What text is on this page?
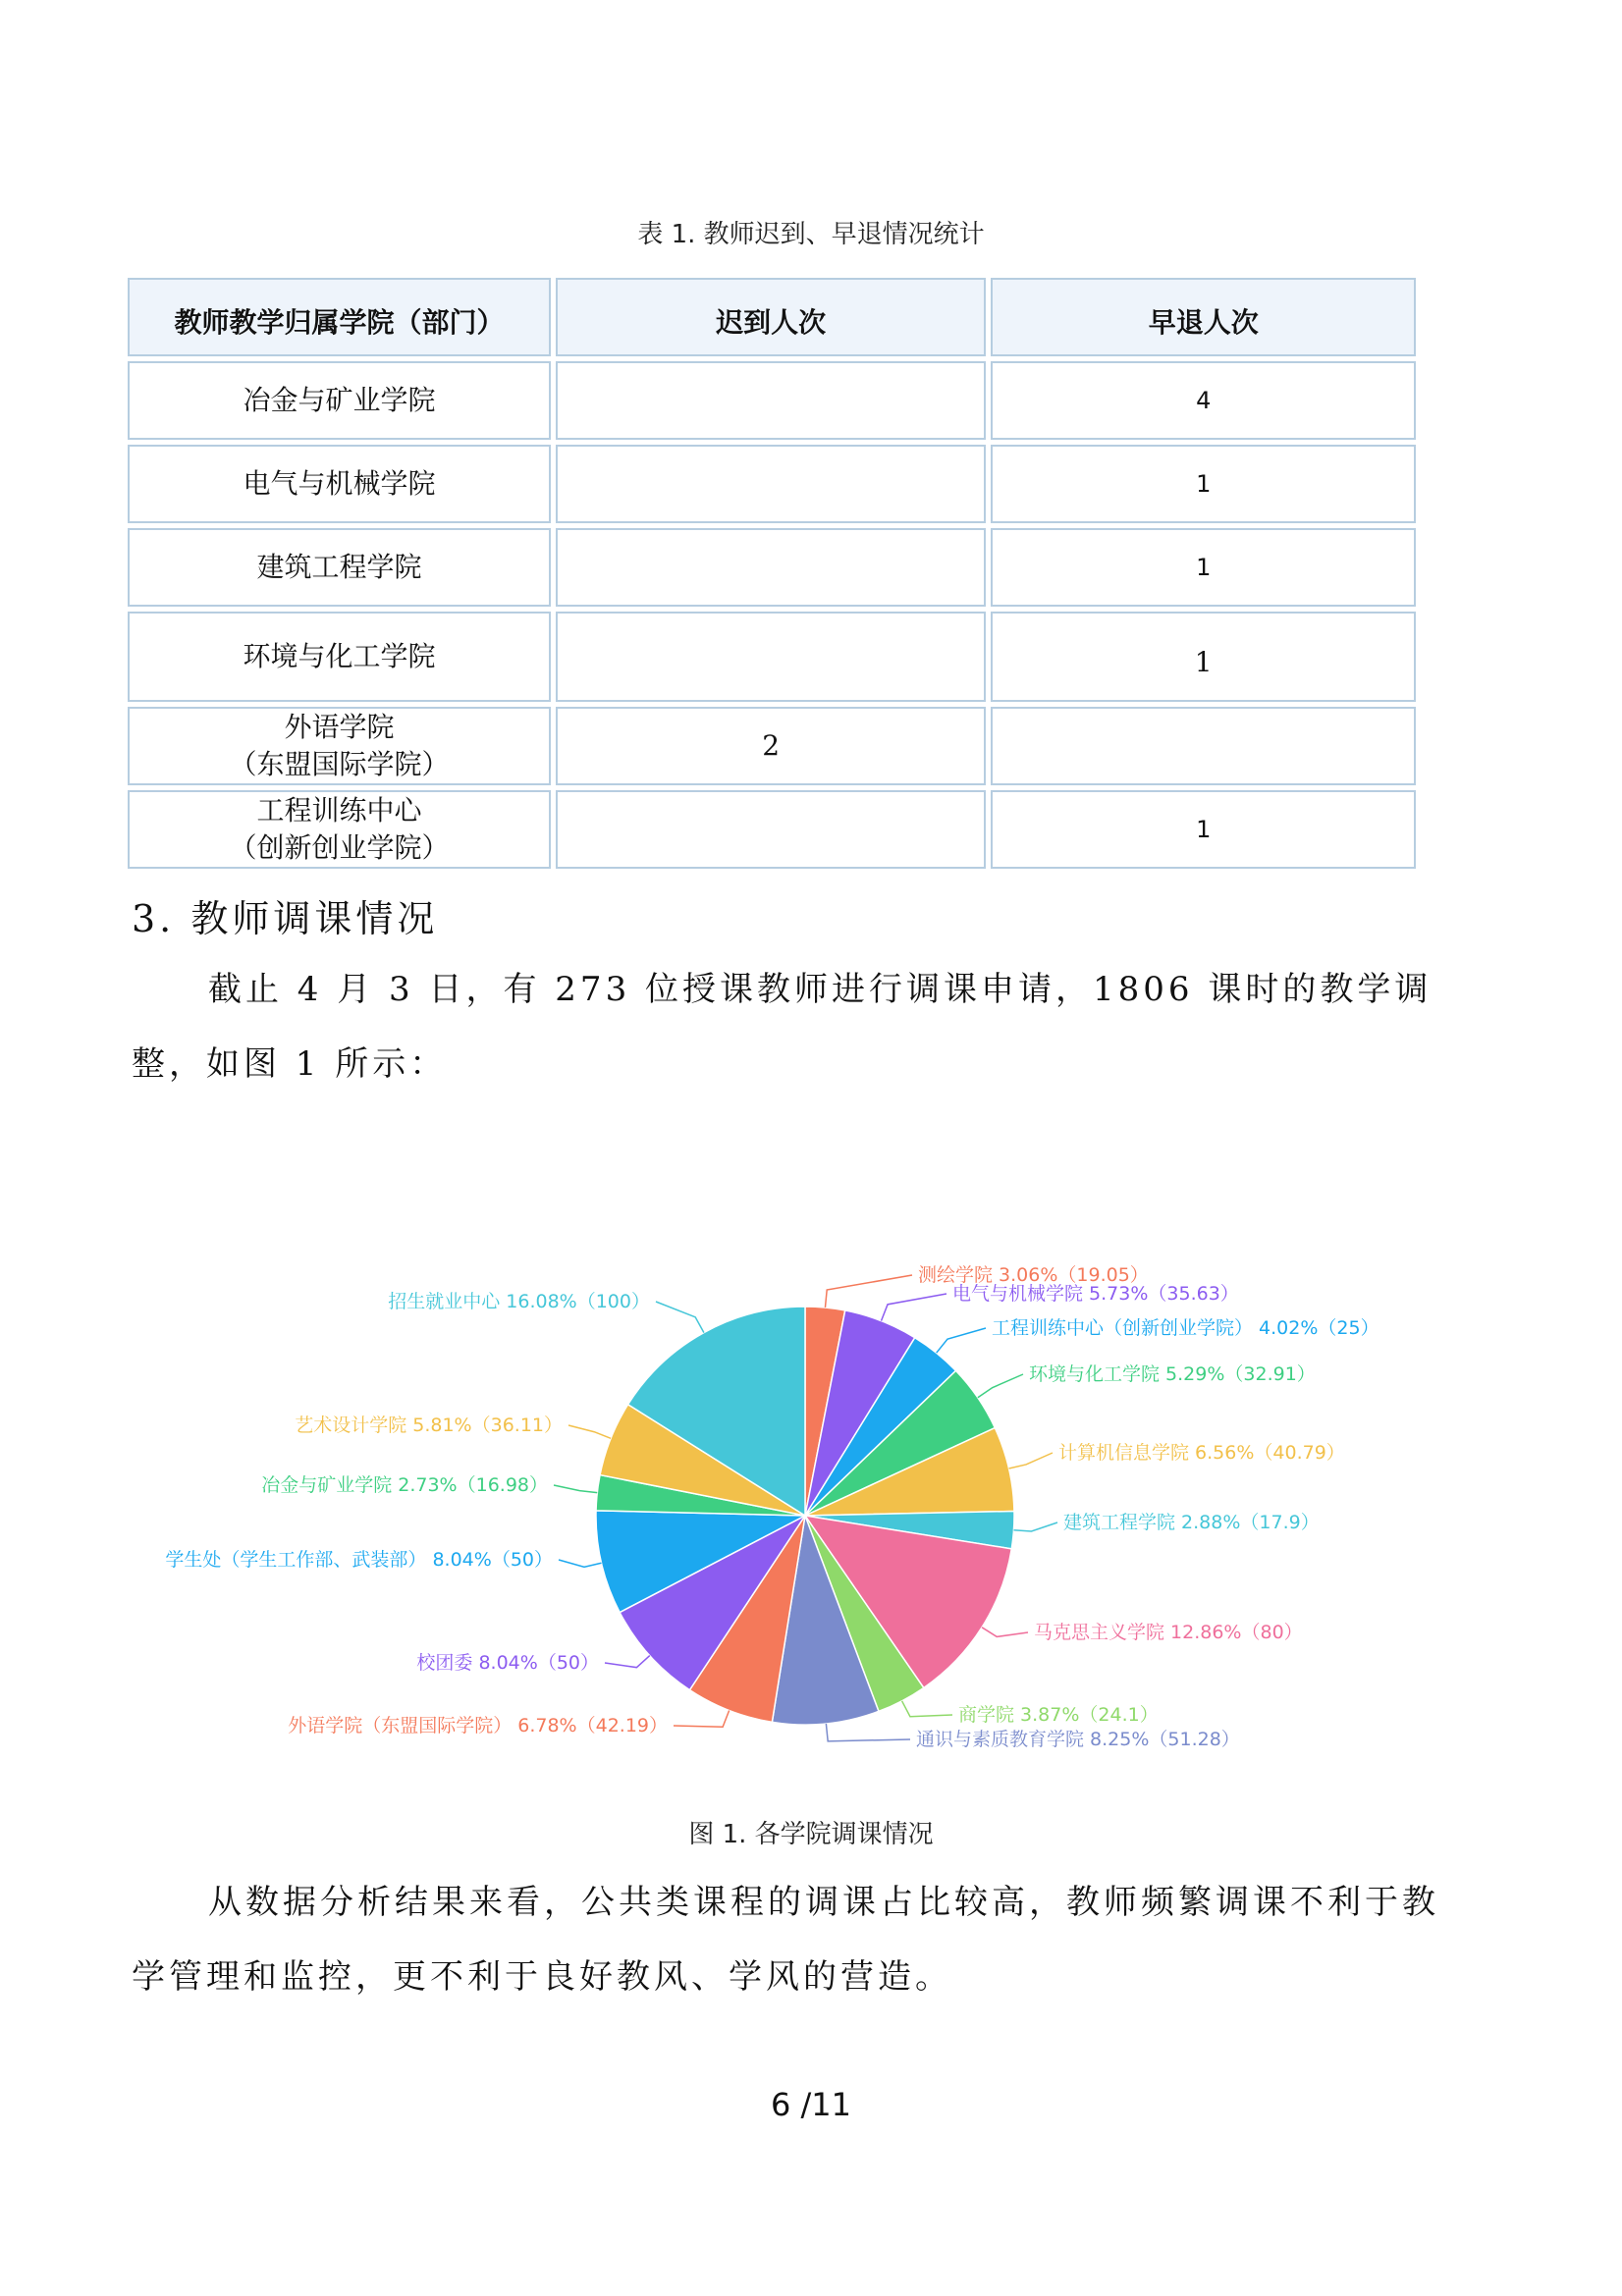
表 1. 教师迟到、早退情况统计
教师教学归属学院（部门）	迟到人次	早退人次
冶金与矿业学院		4
电气与机械学院		1
建筑工程学院		1
环境与化工学院		1

外语学院
（东盟国际学院）	2	

工程训练中心
（创新创业学院）		1
3. 教师调课情况
截止 4 月 3 日，有 273 位授课教师进行调课申请，1806 课时的教学调整，如图 1 所示：
测绘学院 3.06%（19.05）
电气与机械学院 5.73%（35.63）
工程训练中心（创新创业学院） 4.02%（25）
环境与化工学院 5.29%（32.91）
计算机信息学院 6.56%（40.79）
建筑工程学院 2.88%（17.9）
马克思主义学院 12.86%（80）
商学院 3.87%（24.1）
通识与素质教育学院 8.25%（51.28）
外语学院（东盟国际学院） 6.78%（42.19）
校团委 8.04%（50）
学生处（学生工作部、武装部） 8.04%（50）
冶金与矿业学院 2.73%（16.98）
艺术设计学院 5.81%（36.11）
招生就业中心 16.08%（100）
图 1. 各学院调课情况
从数据分析结果来看，公共类课程的调课占比较高，教师频繁调课不利于教学管理和监控，更不利于良好教风、学风的营造。
6 /11
